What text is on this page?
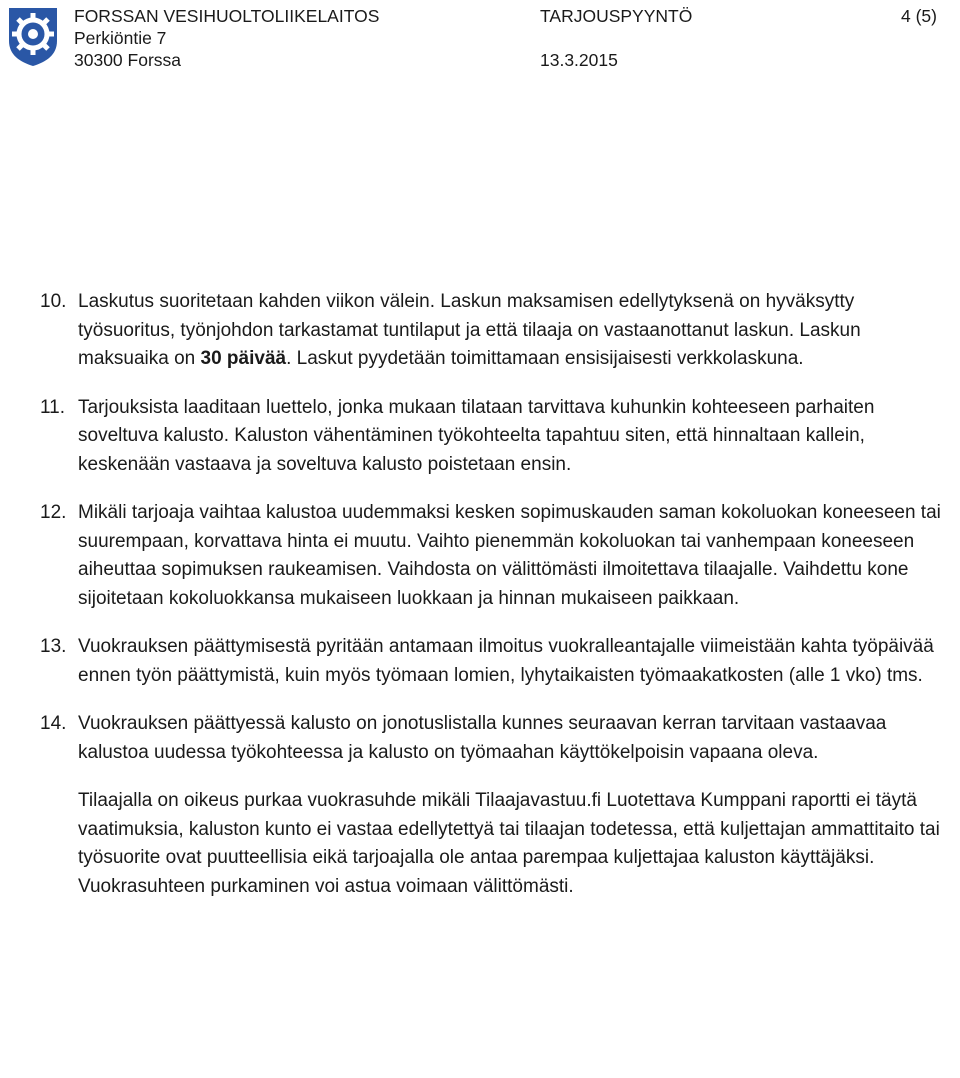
FORSSAN VESIHUOLTOLIIKELAITOS
Perkiöntie 7
30300 Forssa
TARJOUSPYYNTÖ
13.3.2015
4 (5)
10. Laskutus suoritetaan kahden viikon välein. Laskun maksamisen edellytyksenä on hyväksytty työsuoritus, työnjohdon tarkastamat tuntilaput ja että tilaaja on vastaanottanut laskun. Laskun maksuaika on 30 päivää. Laskut pyydetään toimittamaan ensisijaisesti verkkolaskuna.
11. Tarjouksista laaditaan luettelo, jonka mukaan tilataan tarvittava kuhunkin kohteeseen parhaiten soveltuva kalusto. Kaluston vähentäminen työkohteelta tapahtuu siten, että hinnaltaan kallein, keskenään vastaava ja soveltuva kalusto poistetaan ensin.
12. Mikäli tarjoaja vaihtaa kalustoa uudemmaksi kesken sopimuskauden saman kokoluokan koneeseen tai suurempaan, korvattava hinta ei muutu. Vaihto pienemmän kokoluokan tai vanhempaan koneeseen aiheuttaa sopimuksen raukeamisen. Vaihdosta on välittömästi ilmoitettava tilaajalle. Vaihdettu kone sijoitetaan kokoluokkansa mukaiseen luokkaan ja hinnan mukaiseen paikkaan.
13. Vuokrauksen päättymisestä pyritään antamaan ilmoitus vuokralleantajalle viimeistään kahta työpäivää ennen työn päättymistä, kuin myös työmaan lomien, lyhytaikaisten työmaakatkosten (alle 1 vko) tms.
14. Vuokrauksen päättyessä kalusto on jonotuslistalla kunnes seuraavan kerran tarvitaan vastaavaa kalustoa uudessa työkohteessa ja kalusto on työmaahan käyttökelpoisin vapaana oleva.
Tilaajalla on oikeus purkaa vuokrasuhde mikäli Tilaajavastuu.fi Luotettava Kumppani raportti ei täytä vaatimuksia, kaluston kunto ei vastaa edellytettyä tai tilaajan todetessa, että kuljettajan ammattitaito tai työsuorite ovat puutteellisia eikä tarjoajalla ole antaa parempaa kuljettajaa kaluston käyttäjäksi. Vuokrasuhteen purkaminen voi astua voimaan välittömästi.
